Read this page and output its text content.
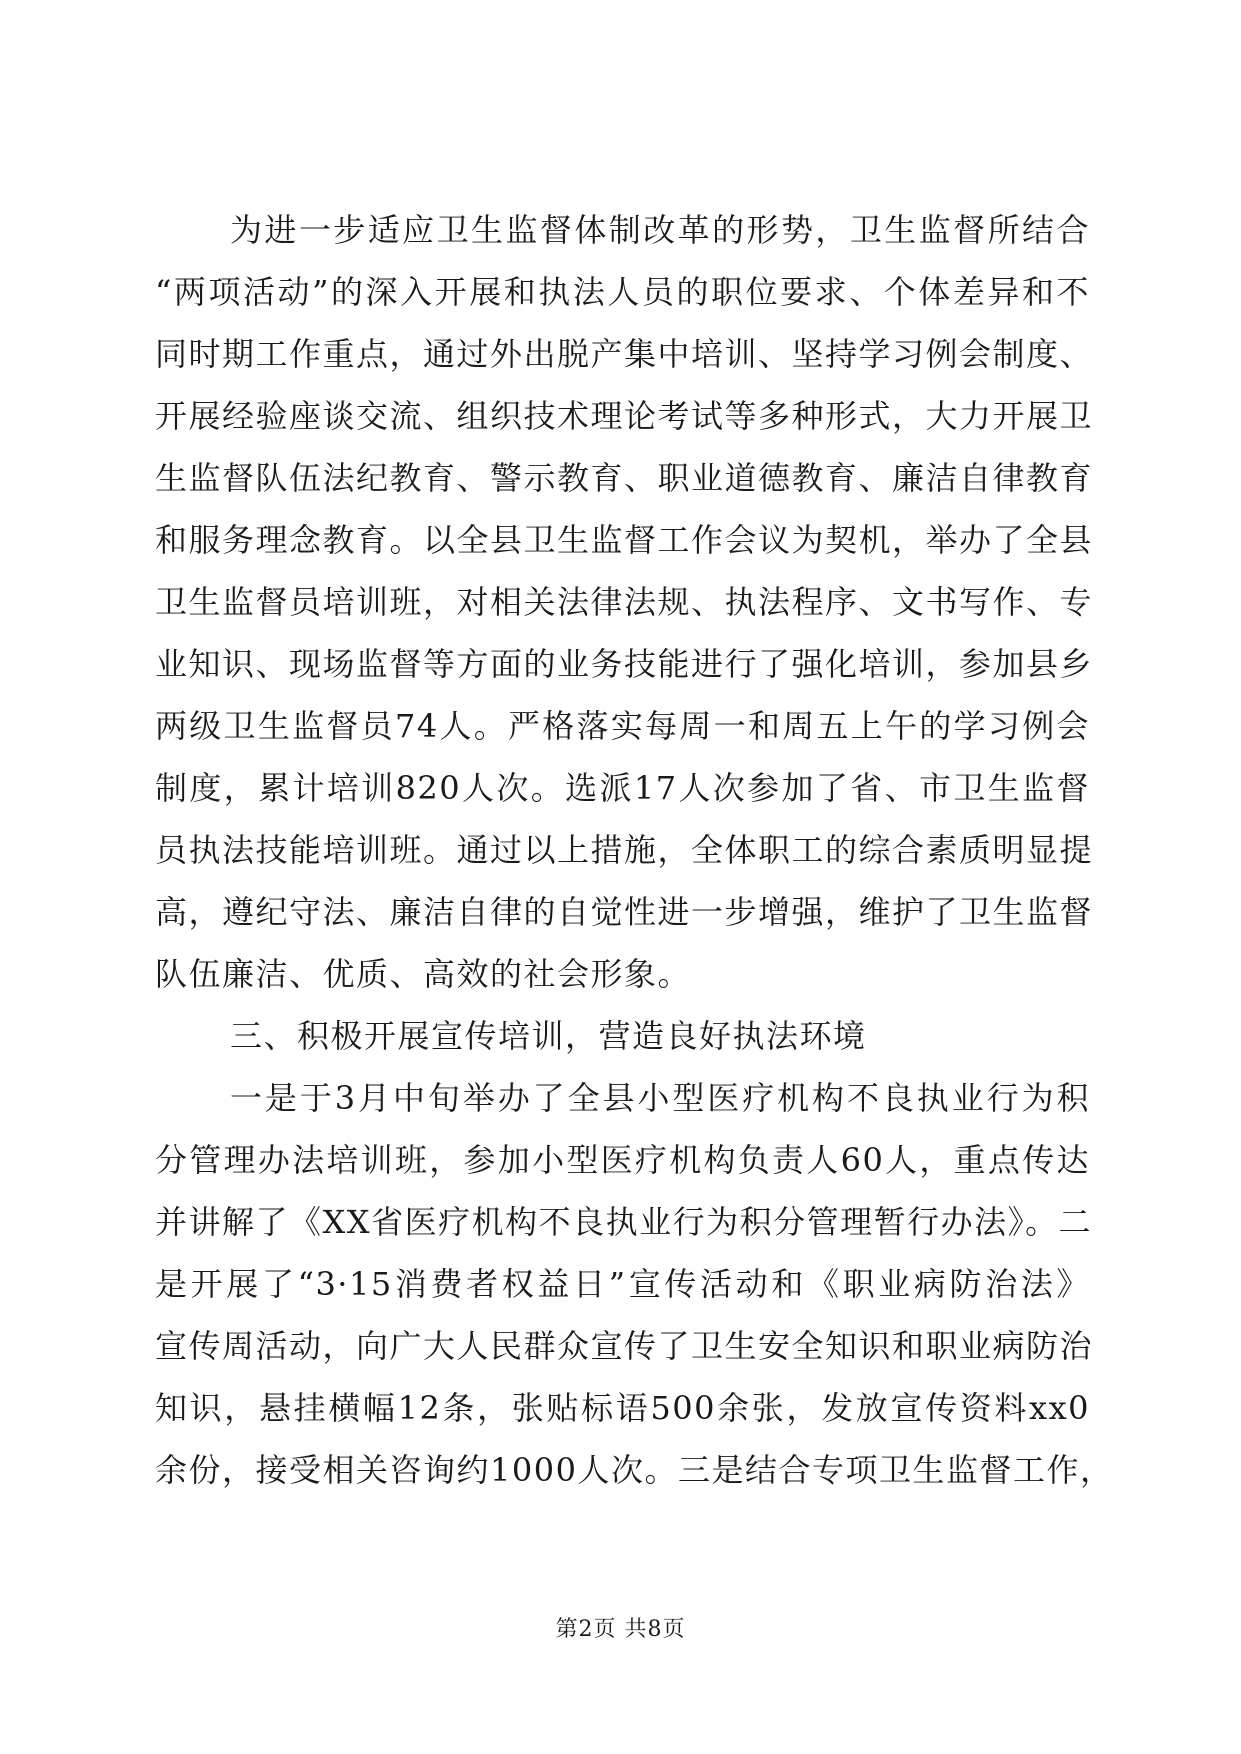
为进一步适应卫生监督体制改革的形势，卫生监督所结合
“两项活动”的深入开展和执法人员的职位要求、个体差异和不
同时期工作重点，通过外出脱产集中培训、坚持学习例会制度、
开展经验座谈交流、组织技术理论考试等多种形式，大力开展卫
生监督队伍法纪教育、警示教育、职业道德教育、廉洁自律教育
和服务理念教育。以全县卫生监督工作会议为契机，举办了全县
卫生监督员培训班，对相关法律法规、执法程序、文书写作、专
业知识、现场监督等方面的业务技能进行了强化培训，参加县乡
两级卫生监督员74人。严格落实每周一和周五上午的学习例会
制度，累计培训820人次。选派17人次参加了省、市卫生监督
员执法技能培训班。通过以上措施，全体职工的综合素质明显提
高，遵纪守法、廉洁自律的自觉性进一步增强，维护了卫生监督
队伍廉洁、优质、高效的社会形象。
三、积极开展宣传培训，营造良好执法环境
一是于3月中旬举办了全县小型医疗机构不良执业行为积
分管理办法培训班，参加小型医疗机构负责人60人，重点传达
并讲解了《XX省医疗机构不良执业行为积分管理暂行办法》。二
是开展了“3·15消费者权益日”宣传活动和《职业病防治法》
宣传周活动，向广大人民群众宣传了卫生安全知识和职业病防治
知识，悬挂横幅12条，张贴标语500余张，发放宣传资料xx0
余份，接受相关咨询约1000人次。三是结合专项卫生监督工作，
第2页 共8页
